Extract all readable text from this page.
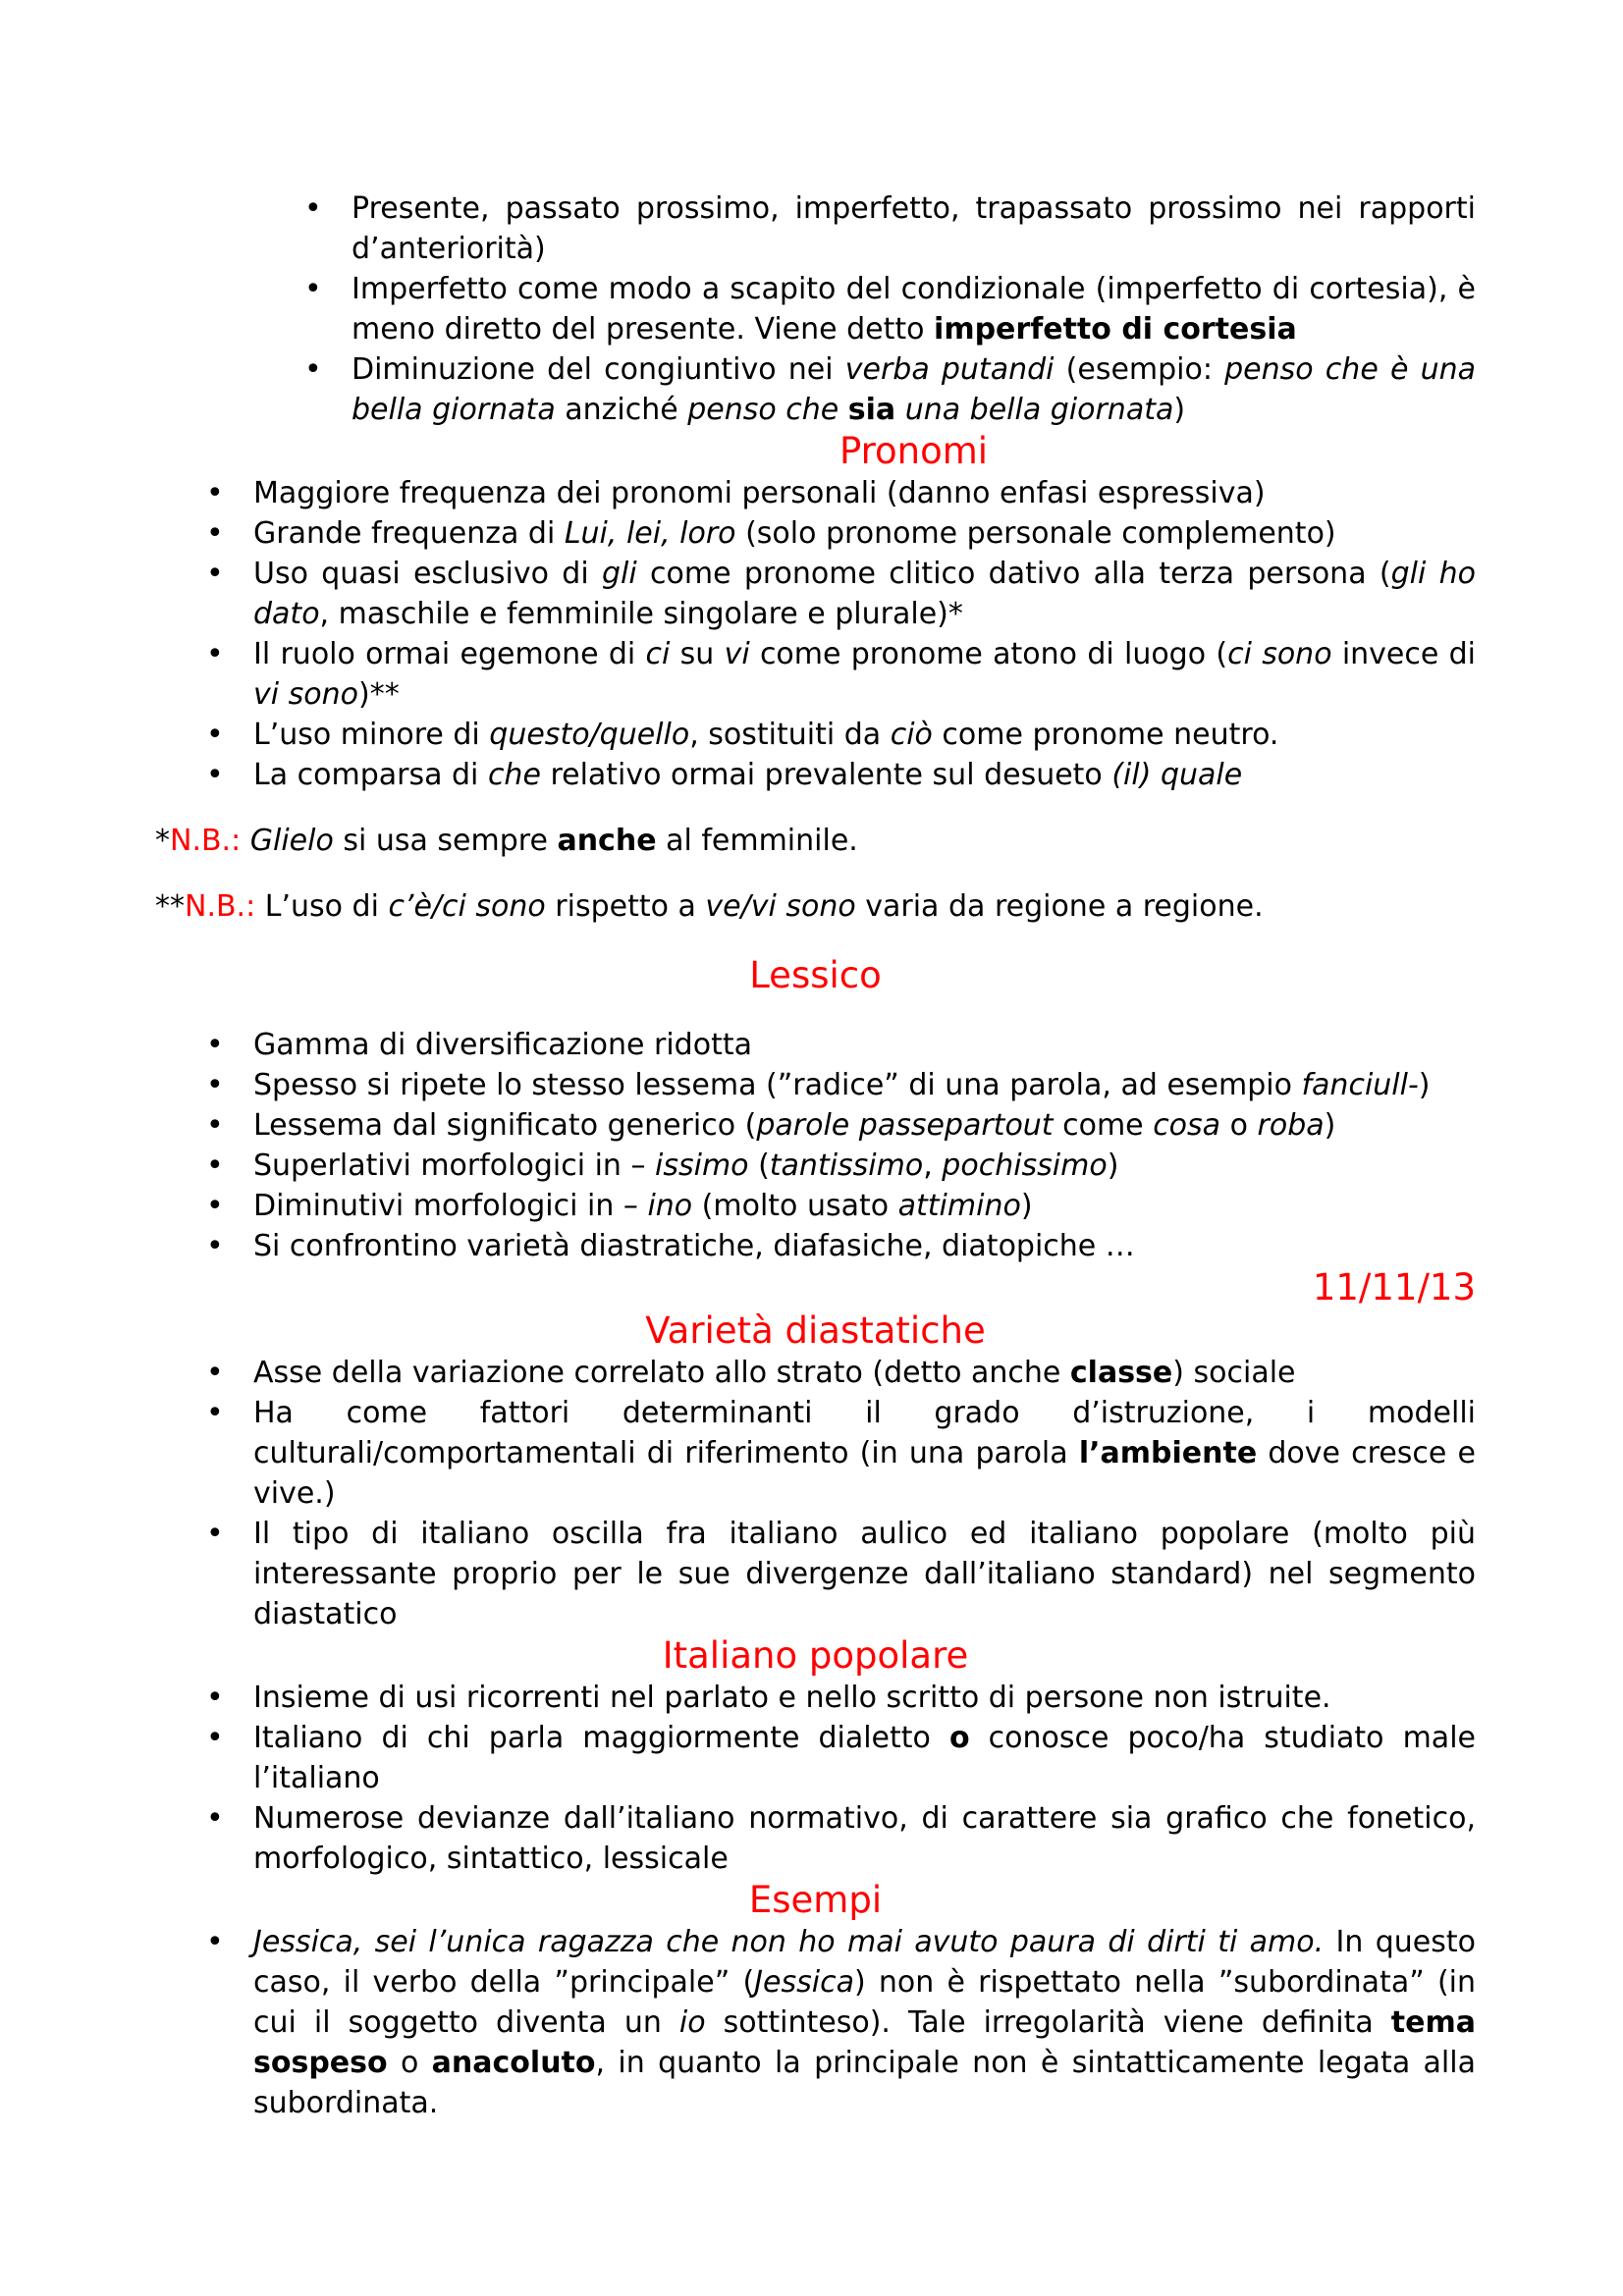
• Presente, passato prossimo, imperfetto, trapassato prossimo nei rapporti d’anteriorità)
• Imperfetto come modo a scapito del condizionale (imperfetto di cortesia), è meno diretto del presente. Viene detto imperfetto di cortesia
• Diminuzione del congiuntivo nei verba putandi (esempio: penso che è una bella giornata anziché penso che sia una bella giornata)
Pronomi
• Maggiore frequenza dei pronomi personali (danno enfasi espressiva)
• Grande frequenza di Lui, lei, loro (solo pronome personale complemento)
• Uso quasi esclusivo di gli come pronome clitico dativo alla terza persona (gli ho dato, maschile e femminile singolare e plurale)*
• Il ruolo ormai egemone di ci su vi come pronome atono di luogo (ci sono invece di vi sono)**
• L’uso minore di questo/quello, sostituiti da ciò come pronome neutro.
• La comparsa di che relativo ormai prevalente sul desueto (il) quale

*N.B.: Glielo si usa sempre anche al femminile.

**N.B.: L’uso di c’è/ci sono rispetto a ve/vi sono varia da regione a regione.

Lessico
• Gamma di diversificazione ridotta
• Spesso si ripete lo stesso lessema (”radice” di una parola, ad esempio fanciull-)
• Lessema dal significato generico (parole passepartout come cosa o roba)
• Superlativi morfologici in – issimo (tantissimo, pochissimo)
• Diminutivi morfologici in – ino (molto usato attimino)
• Si confrontino varietà diastratiche, diafasiche, diatopiche …
11/11/13
Varietà diastatiche
• Asse della variazione correlato allo strato (detto anche classe) sociale
• Ha come fattori determinanti il grado d’istruzione, i modelli culturali/comportamentali di riferimento (in una parola l’ambiente dove cresce e vive.)
• Il tipo di italiano oscilla fra italiano aulico ed italiano popolare (molto più interessante proprio per le sue divergenze dall’italiano standard) nel segmento diastatico
Italiano popolare
• Insieme di usi ricorrenti nel parlato e nello scritto di persone non istruite.
• Italiano di chi parla maggiormente dialetto o conosce poco/ha studiato male l’italiano
• Numerose devianze dall’italiano normativo, di carattere sia grafico che fonetico, morfologico, sintattico, lessicale
Esempi
• Jessica, sei l’unica ragazza che non ho mai avuto paura di dirti ti amo. In questo caso, il verbo della ”principale” (Jessica) non è rispettato nella ”subordinata” (in cui il soggetto diventa un io sottinteso). Tale irregolarità viene definita tema sospeso o anacoluto, in quanto la principale non è sintatticamente legata alla subordinata.
